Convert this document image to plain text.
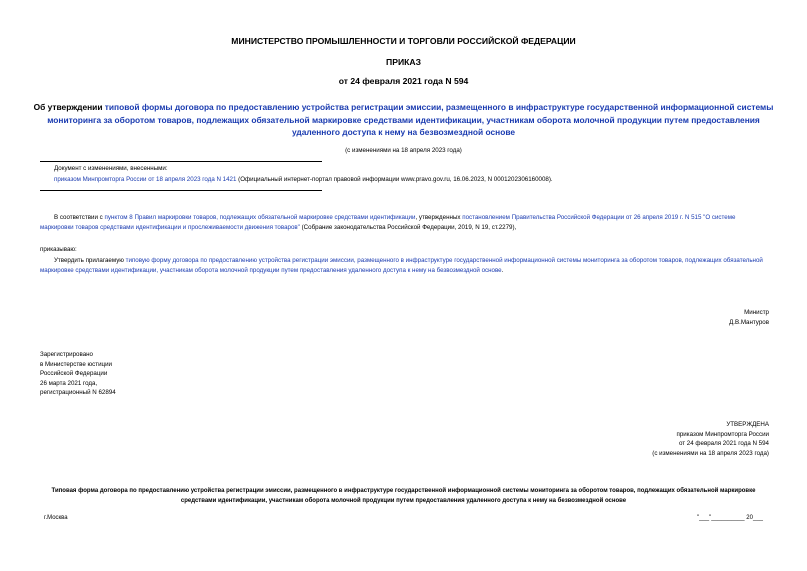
МИНИСТЕРСТВО ПРОМЫШЛЕННОСТИ И ТОРГОВЛИ РОССИЙСКОЙ ФЕДЕРАЦИИ
ПРИКАЗ
от 24 февраля 2021 года N 594
Об утверждении типовой формы договора по предоставлению устройства регистрации эмиссии, размещенного в инфраструктуре государственной информационной системы мониторинга за оборотом товаров, подлежащих обязательной маркировке средствами идентификации, участникам оборота молочной продукции путем предоставления удаленного доступа к нему на безвозмездной основе
(с изменениями на 18 апреля 2023 года)
Документ с изменениями, внесенными:
приказом Минпромторга России от 18 апреля 2023 года N 1421 (Официальный интернет-портал правовой информации www.pravo.gov.ru, 16.06.2023, N 0001202306160008).
В соответствии с пунктом 8 Правил маркировки товаров, подлежащих обязательной маркировке средствами идентификации, утвержденных постановлением Правительства Российской Федерации от 26 апреля 2019 г. N 515 "О системе маркировки товаров средствами идентификации и прослеживаемости движения товаров" (Собрание законодательства Российской Федерации, 2019, N 19, ст.2279),
приказываю:
Утвердить прилагаемую типовую форму договора по предоставлению устройства регистрации эмиссии, размещенного в инфраструктуре государственной информационной системы мониторинга за оборотом товаров, подлежащих обязательной маркировке средствами идентификации, участникам оборота молочной продукции путем предоставления удаленного доступа к нему на безвозмездной основе.
Министр
Д.В.Мантуров
Зарегистрировано
в Министерстве юстиции
Российской Федерации
26 марта 2021 года,
регистрационный N 62894
УТВЕРЖДЕНА
приказом Минпромторга России
от 24 февраля 2021 года N 594
(с изменениями на 18 апреля 2023 года)
Типовая форма договора по предоставлению устройства регистрации эмиссии, размещенного в инфраструктуре государственной информационной системы мониторинга за оборотом товаров, подлежащих обязательной маркировке средствами идентификации, участникам оборота молочной продукции путем предоставления удаленного доступа к нему на безвозмездной основе
г.Москва	"___"__________ 20___
